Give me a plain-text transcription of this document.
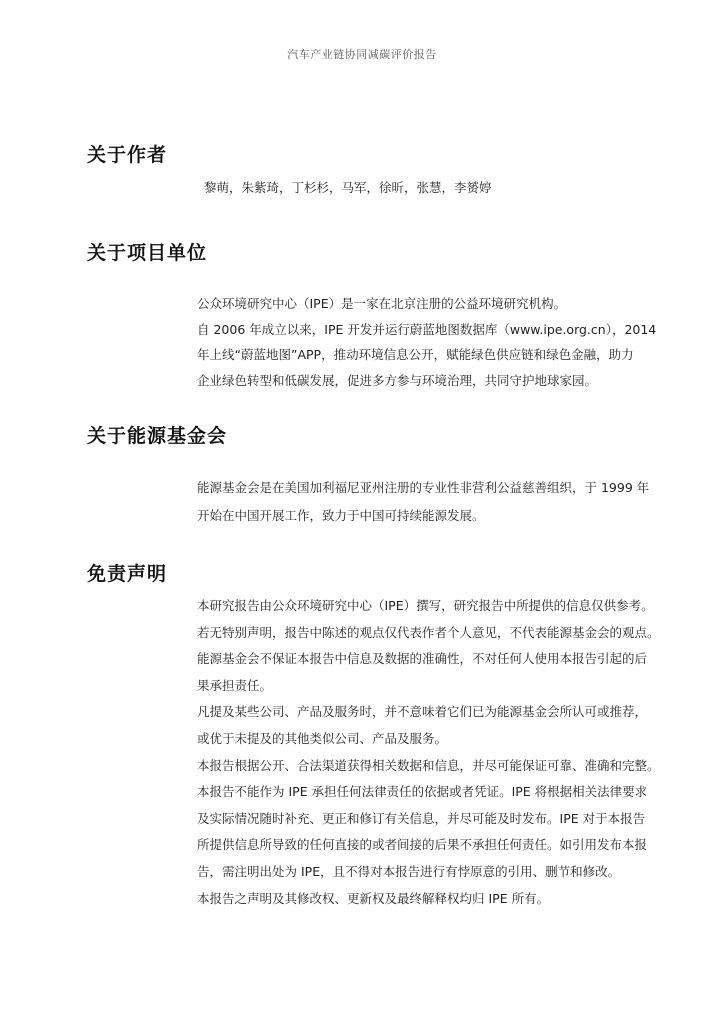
汽车产业链协同减碳评价报告
关于作者

黎萌，朱紫琦，丁杉杉，马军，徐昕，张慧，李赟婷

关于项目单位

公众环境研究中心（IPE）是一家在北京注册的公益环境研究机构。

自 2006 年成立以来，IPE 开发并运行蔚蓝地图数据库（www.ipe.org.cn），2014

年上线“蔚蓝地图”APP，推动环境信息公开，赋能绿色供应链和绿色金融，助力

企业绿色转型和低碳发展，促进多方参与环境治理，共同守护地球家园。

关于能源基金会

能源基金会是在美国加利福尼亚州注册的专业性非营利公益慈善组织，于 1999 年

开始在中国开展工作，致力于中国可持续能源发展。

免责声明

本研究报告由公众环境研究中心（IPE）撰写，研究报告中所提供的信息仅供参考。

若无特别声明，报告中陈述的观点仅代表作者个人意见，不代表能源基金会的观点。

能源基金会不保证本报告中信息及数据的准确性，不对任何人使用本报告引起的后

果承担责任。

凡提及某些公司、产品及服务时，并不意味着它们已为能源基金会所认可或推荐，

或优于未提及的其他类似公司、产品及服务。

本报告根据公开、合法渠道获得相关数据和信息，并尽可能保证可靠、准确和完整。

本报告不能作为 IPE 承担任何法律责任的依据或者凭证。IPE 将根据相关法律要求

及实际情况随时补充、更正和修订有关信息，并尽可能及时发布。IPE 对于本报告

所提供信息所导致的任何直接的或者间接的后果不承担任何责任。如引用发布本报

告，需注明出处为 IPE，且不得对本报告进行有悖原意的引用、删节和修改。

本报告之声明及其修改权、更新权及最终解释权均归 IPE 所有。
